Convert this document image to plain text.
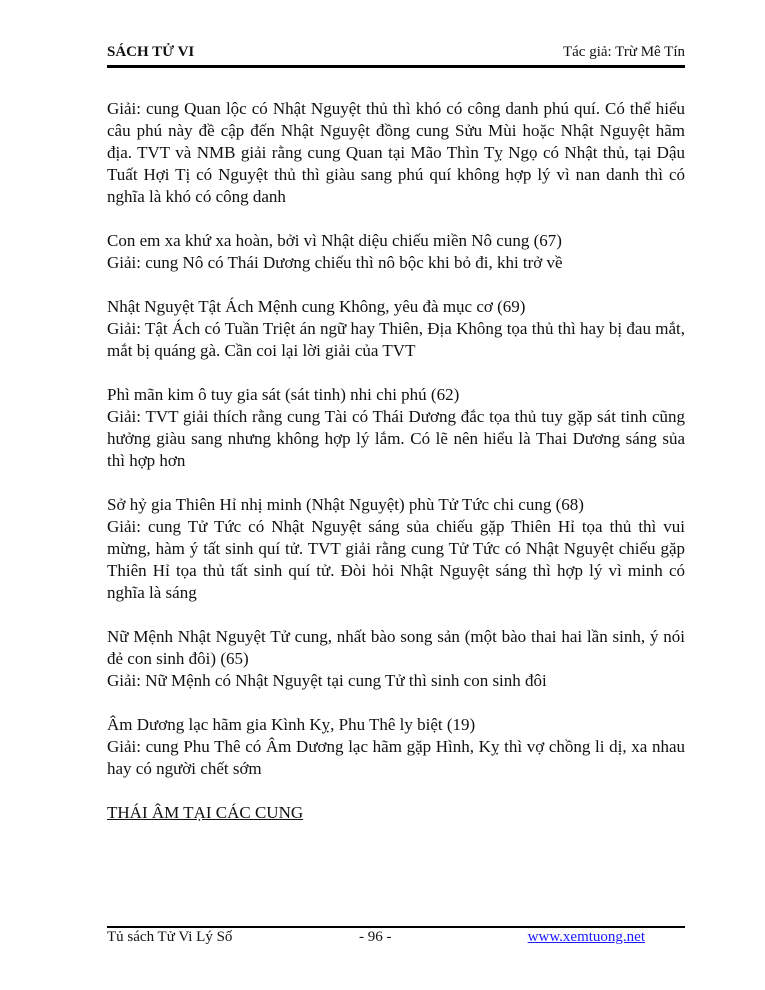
SÁCH TỬ VI	Tác giả: Trừ Mê Tín

Giải: cung Quan lộc có Nhật Nguyệt thủ thì khó có công danh phú quí. Có thể hiểu câu phú này đề cập đến Nhật Nguyệt đồng cung Sửu Mùi hoặc Nhật Nguyệt hãm địa. TVT và NMB giải rằng cung Quan tại Mão Thìn Tỵ Ngọ có Nhật thủ, tại Dậu Tuất Hợi Tị có Nguyệt thủ thì giàu sang phú quí không hợp lý vì nan danh thì có nghĩa là khó có công danh

Con em xa khứ xa hoàn, bởi vì Nhật diệu chiếu miền Nô cung (67)

Giải: cung Nô có Thái Dương chiếu thì nô bộc khi bỏ đi, khi trở về

Nhật Nguyệt Tật Ách Mệnh cung Không, yêu đà mục cơ (69)

Giải: Tật Ách có Tuần Triệt án ngữ hay Thiên, Địa Không tọa thủ thì hay bị đau mắt, mắt bị quáng gà. Cần coi lại lời giải của TVT

Phì mãn kim ô tuy gia sát (sát tinh) nhi chi phú (62)

Giải: TVT giải thích rằng cung Tài có Thái Dương đắc tọa thủ tuy gặp sát tinh cũng hưởng giàu sang nhưng không hợp lý lắm. Có lẽ nên hiểu là Thai Dương sáng sủa thì hợp hơn

Sở hỷ gia Thiên Hỉ nhị minh (Nhật Nguyệt) phù Tử Tức chi cung (68)

Giải: cung Tử Tức có Nhật Nguyệt sáng sủa chiếu gặp Thiên Hỉ tọa thủ thì vui mừng, hàm ý tất sinh quí tử. TVT giải rằng cung Tử Tức có Nhật Nguyệt chiếu gặp Thiên Hỉ tọa thủ tất sinh quí tử. Đòi hỏi Nhật Nguyệt sáng thì hợp lý vì minh có nghĩa là sáng

Nữ Mệnh Nhật Nguyệt Tử cung, nhất bào song sản (một bào thai hai lần sinh, ý nói đẻ con sinh đôi) (65)

Giải: Nữ Mệnh có Nhật Nguyệt tại cung Tử thì sinh con sinh đôi

Âm Dương lạc hãm gia Kình Kỵ, Phu Thê ly biệt (19)

Giải: cung Phu Thê có Âm Dương lạc hãm gặp Hình, Kỵ thì vợ chồng li dị, xa nhau hay có người chết sớm

THÁI ÂM TẠI CÁC CUNG
Tủ sách Tử Vi Lý Số	- 96 -	www.xemtuong.net
